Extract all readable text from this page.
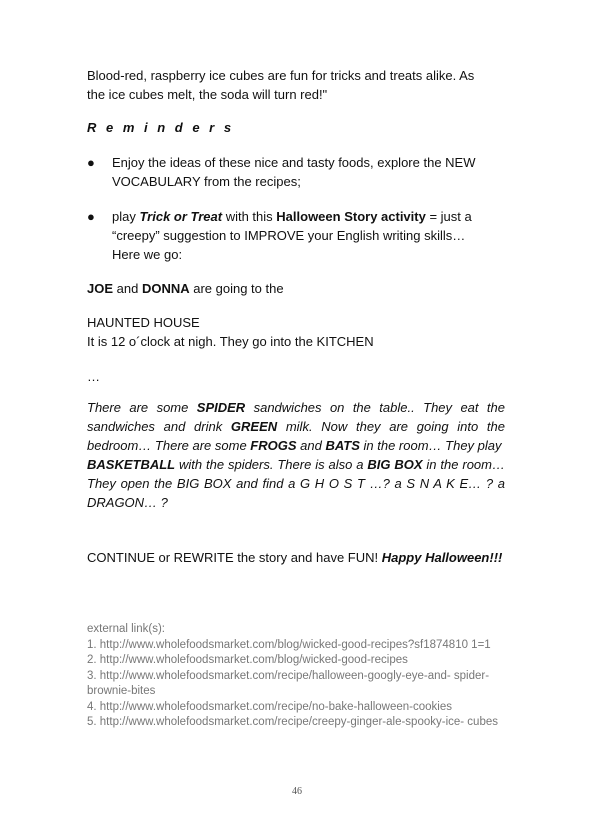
Blood-red, raspberry ice cubes are fun for tricks and treats alike. As
the ice cubes melt, the soda will turn red!"
R e m i n d e r s
● Enjoy the ideas of these nice and tasty foods, explore the NEW
VOCABULARY from the recipes;
● play Trick or Treat with this Halloween Story activity = just a
“creepy” suggestion to IMPROVE your English writing skills…
Here we go:
JOE and DONNA are going to the
HAUNTED HOUSE
It is 12 o´clock at nigh. They go into the KITCHEN
…
There are some SPIDER sandwiches on the table.. They eat the sandwiches and drink GREEN milk. Now they are going into the bedroom… There are some FROGS and BATS in the room… They play
BASKETBALL with the spiders. There is also a BIG BOX in the room… They open the BIG BOX and find a G H O S T …? a S N A K E… ? a DRAGON… ?
CONTINUE or REWRITE the story and have FUN! Happy Halloween!!!
external link(s):
1. http://www.wholefoodsmarket.com/blog/wicked-good-recipes?sf1874810 1=1
2. http://www.wholefoodsmarket.com/blog/wicked-good-recipes
3. http://www.wholefoodsmarket.com/recipe/halloween-googly-eye-and- spider-brownie-bites
4. http://www.wholefoodsmarket.com/recipe/no-bake-halloween-cookies
5. http://www.wholefoodsmarket.com/recipe/creepy-ginger-ale-spooky-ice- cubes
46
